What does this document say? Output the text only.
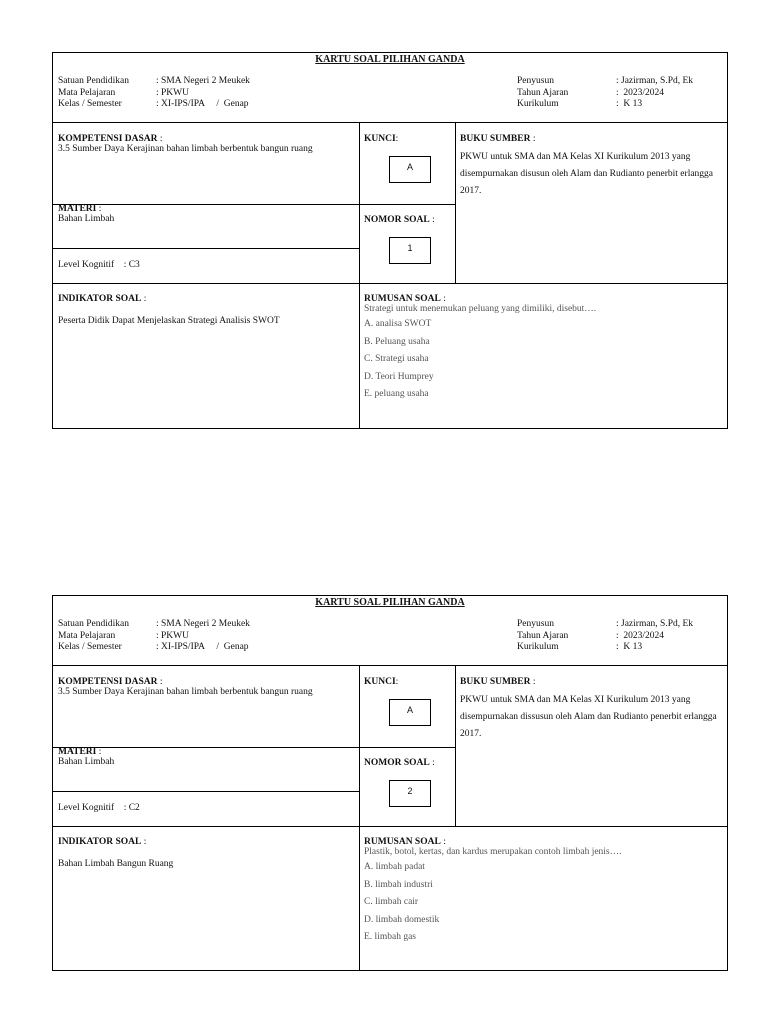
KARTU SOAL PILIHAN GANDA
Satuan Pendidikan	: SMA Negeri 2 Meukek
Mata Pelajaran	: PKWU
Kelas / Semester	: XI-IPS/IPA     /  Genap
Penyusun	: Jazirman, S.Pd, Ek
Tahun Ajaran	:  2023/2024
Kurikulum	:  K 13
KOMPETENSI DASAR :
3.5 Sumber Daya Kerajinan bahan limbah berbentuk bangun ruang
KUNCI:
A
BUKU SUMBER :
PKWU untuk SMA dan MA Kelas XI Kurikulum 2013 yang disempurnakan disusun oleh Alam dan Rudianto penerbit erlangga 2017.
MATERI :
Bahan Limbah	NOMOR SOAL :
1
Level Kognitif    : C3
INDIKATOR SOAL :
Peserta Didik Dapat Menjelaskan Strategi Analisis SWOT
RUMUSAN SOAL :
Strategi untuk menemukan peluang yang dimiliki, disebut….
A. analisa SWOT
B. Peluang usaha
C. Strategi usaha
D. Teori Humprey
E. peluang usaha
KARTU SOAL PILIHAN GANDA
Satuan Pendidikan	: SMA Negeri 2 Meukek
Mata Pelajaran	: PKWU
Kelas / Semester	: XI-IPS/IPA     /  Genap
Penyusun	: Jazirman, S.Pd, Ek
Tahun Ajaran	:  2023/2024
Kurikulum	:  K 13
KOMPETENSI DASAR :
3.5 Sumber Daya Kerajinan bahan limbah berbentuk bangun ruang
KUNCI:
A
BUKU SUMBER :
PKWU untuk SMA dan MA Kelas XI Kurikulum 2013 yang disempurnakan dissusun oleh Alam dan Rudianto penerbit erlangga 2017.
MATERI :
Bahan Limbah	NOMOR SOAL :
2
Level Kognitif    : C2
INDIKATOR SOAL :
Bahan Limbah Bangun Ruang
RUMUSAN SOAL :
Plastik, botol, kertas, dan kardus merupakan contoh limbah jenis….
A. limbah padat
B. limbah industri
C. limbah cair
D. limbah domestik
E. limbah gas
